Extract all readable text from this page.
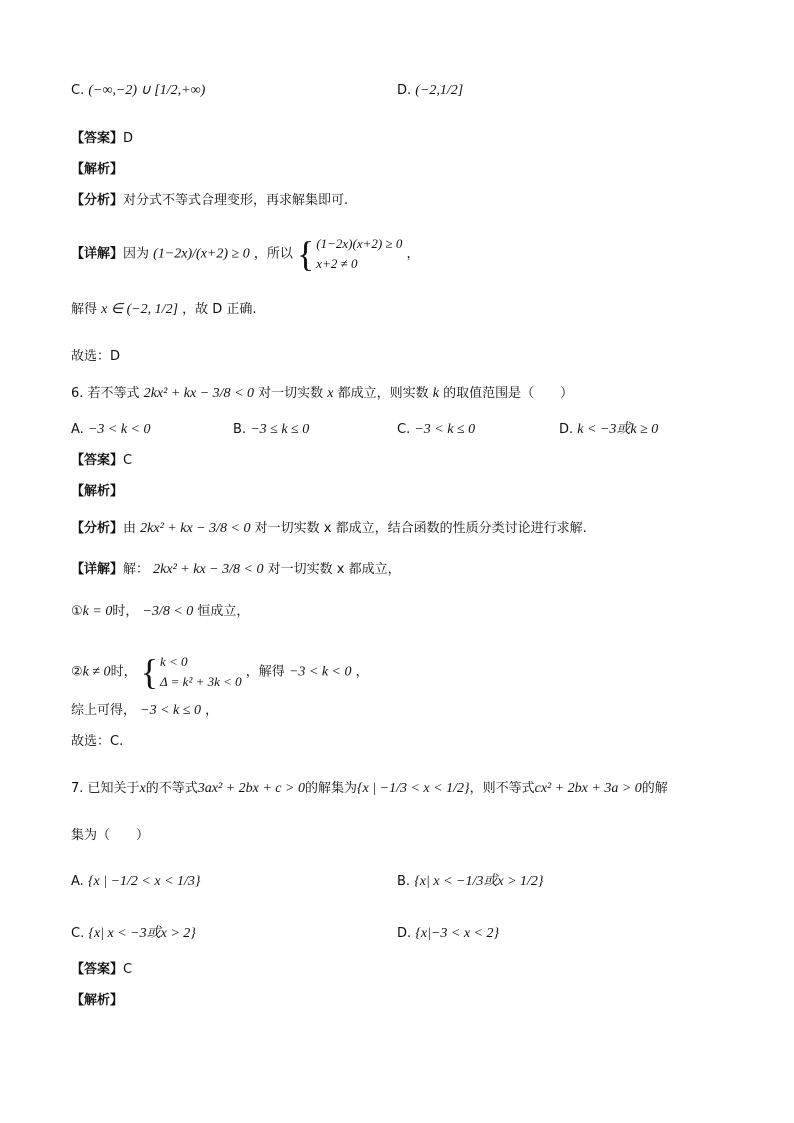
C. (−∞,−2) ∪ [1/2,+∞)	D. (−2,1/2]
【答案】D
【解析】
【分析】对分式不等式合理变形，再求解集即可.
【详解】因为 (1−2x)/(x+2) ≥ 0 ，所以 { (1−2x)(x+2) ≥ 0
x+2 ≠ 0
，
解得 x ∈ (−2, 1/2] ，故 D 正确.
故选：D
6. 若不等式 2kx² + kx − 3/8 < 0 对一切实数 x 都成立，则实数 k 的取值范围是（　　）
A. −3 < k < 0	B. −3 ≤ k ≤ 0	C. −3 < k ≤ 0	D. k < −3或k ≥ 0
【答案】C
【解析】
【分析】由 2kx² + kx − 3/8 < 0 对一切实数 x 都成立，结合函数的性质分类讨论进行求解.
【详解】解： 2kx² + kx − 3/8 < 0 对一切实数 x 都成立，
①k = 0时， −3/8 < 0 恒成立，
②k ≠ 0时， { k < 0
Δ = k² + 3k < 0
，解得 −3 < k < 0 ，
综上可得， −3 < k ≤ 0 ，
故选：C.
7. 已知关于x的不等式3ax² + 2bx + c > 0的解集为{x | −1/3 < x < 1/2}，则不等式cx² + 2bx + 3a > 0的解
集为（　　）
A. {x | −1/2 < x < 1/3}	B. {x| x < −1/3或x > 1/2}
C. {x| x < −3或x > 2}	D. {x|−3 < x < 2}
【答案】C
【解析】
